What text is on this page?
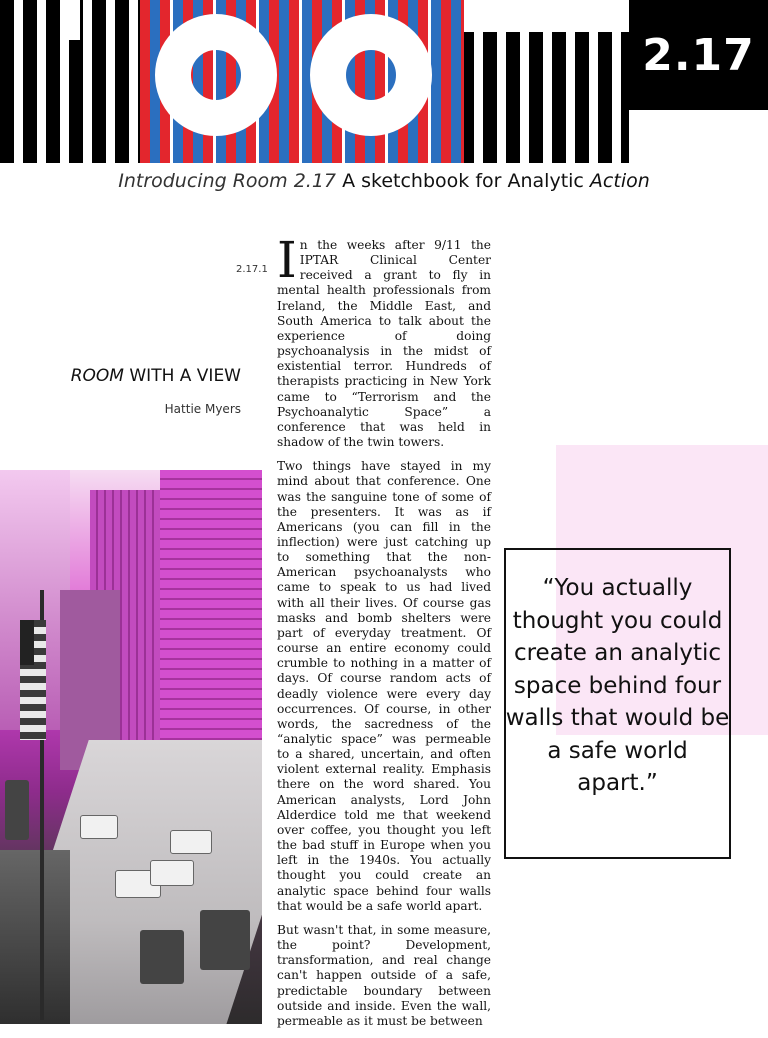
2.17
Introducing Room 2.17 A sketchbook for Analytic Action
2.17.1
ROOM WITH A VIEW
Hattie Myers

In the weeks after 9/11 the IPTAR Clinical Center received a grant to fly in mental health professionals from Ireland, the Middle East, and South America to talk about the experience of doing psychoanalysis in the midst of existential terror. Hundreds of therapists practicing in New York came to “Terrorism and the Psychoanalytic Space” a conference that was held in shadow of the twin towers.

Two things have stayed in my mind about that conference. One was the sanguine tone of some of the presenters. It was as if Americans (you can fill in the inflection) were just catching up to something that the non-American psychoanalysts who came to speak to us had lived with all their lives. Of course gas masks and bomb shelters were part of everyday treatment. Of course an entire economy could crumble to nothing in a matter of days. Of course random acts of deadly violence were every day occurrences. Of course, in other words, the sacredness of the “analytic space” was permeable to a shared, uncertain, and often violent external reality. Emphasis there on the word shared. You American analysts, Lord John Alderdice told me that weekend over coffee, you thought you left the bad stuff in Europe when you left in the 1940s. You actually thought you could create an analytic space behind four walls that would be a safe world apart.

But wasn't that, in some measure, the point? Development, transformation, and real change can't happen outside of a safe, predictable boundary between outside and inside. Even the wall, permeable as it must be between

“You actually thought you could create an analytic space behind four walls that would be a safe world apart.”
